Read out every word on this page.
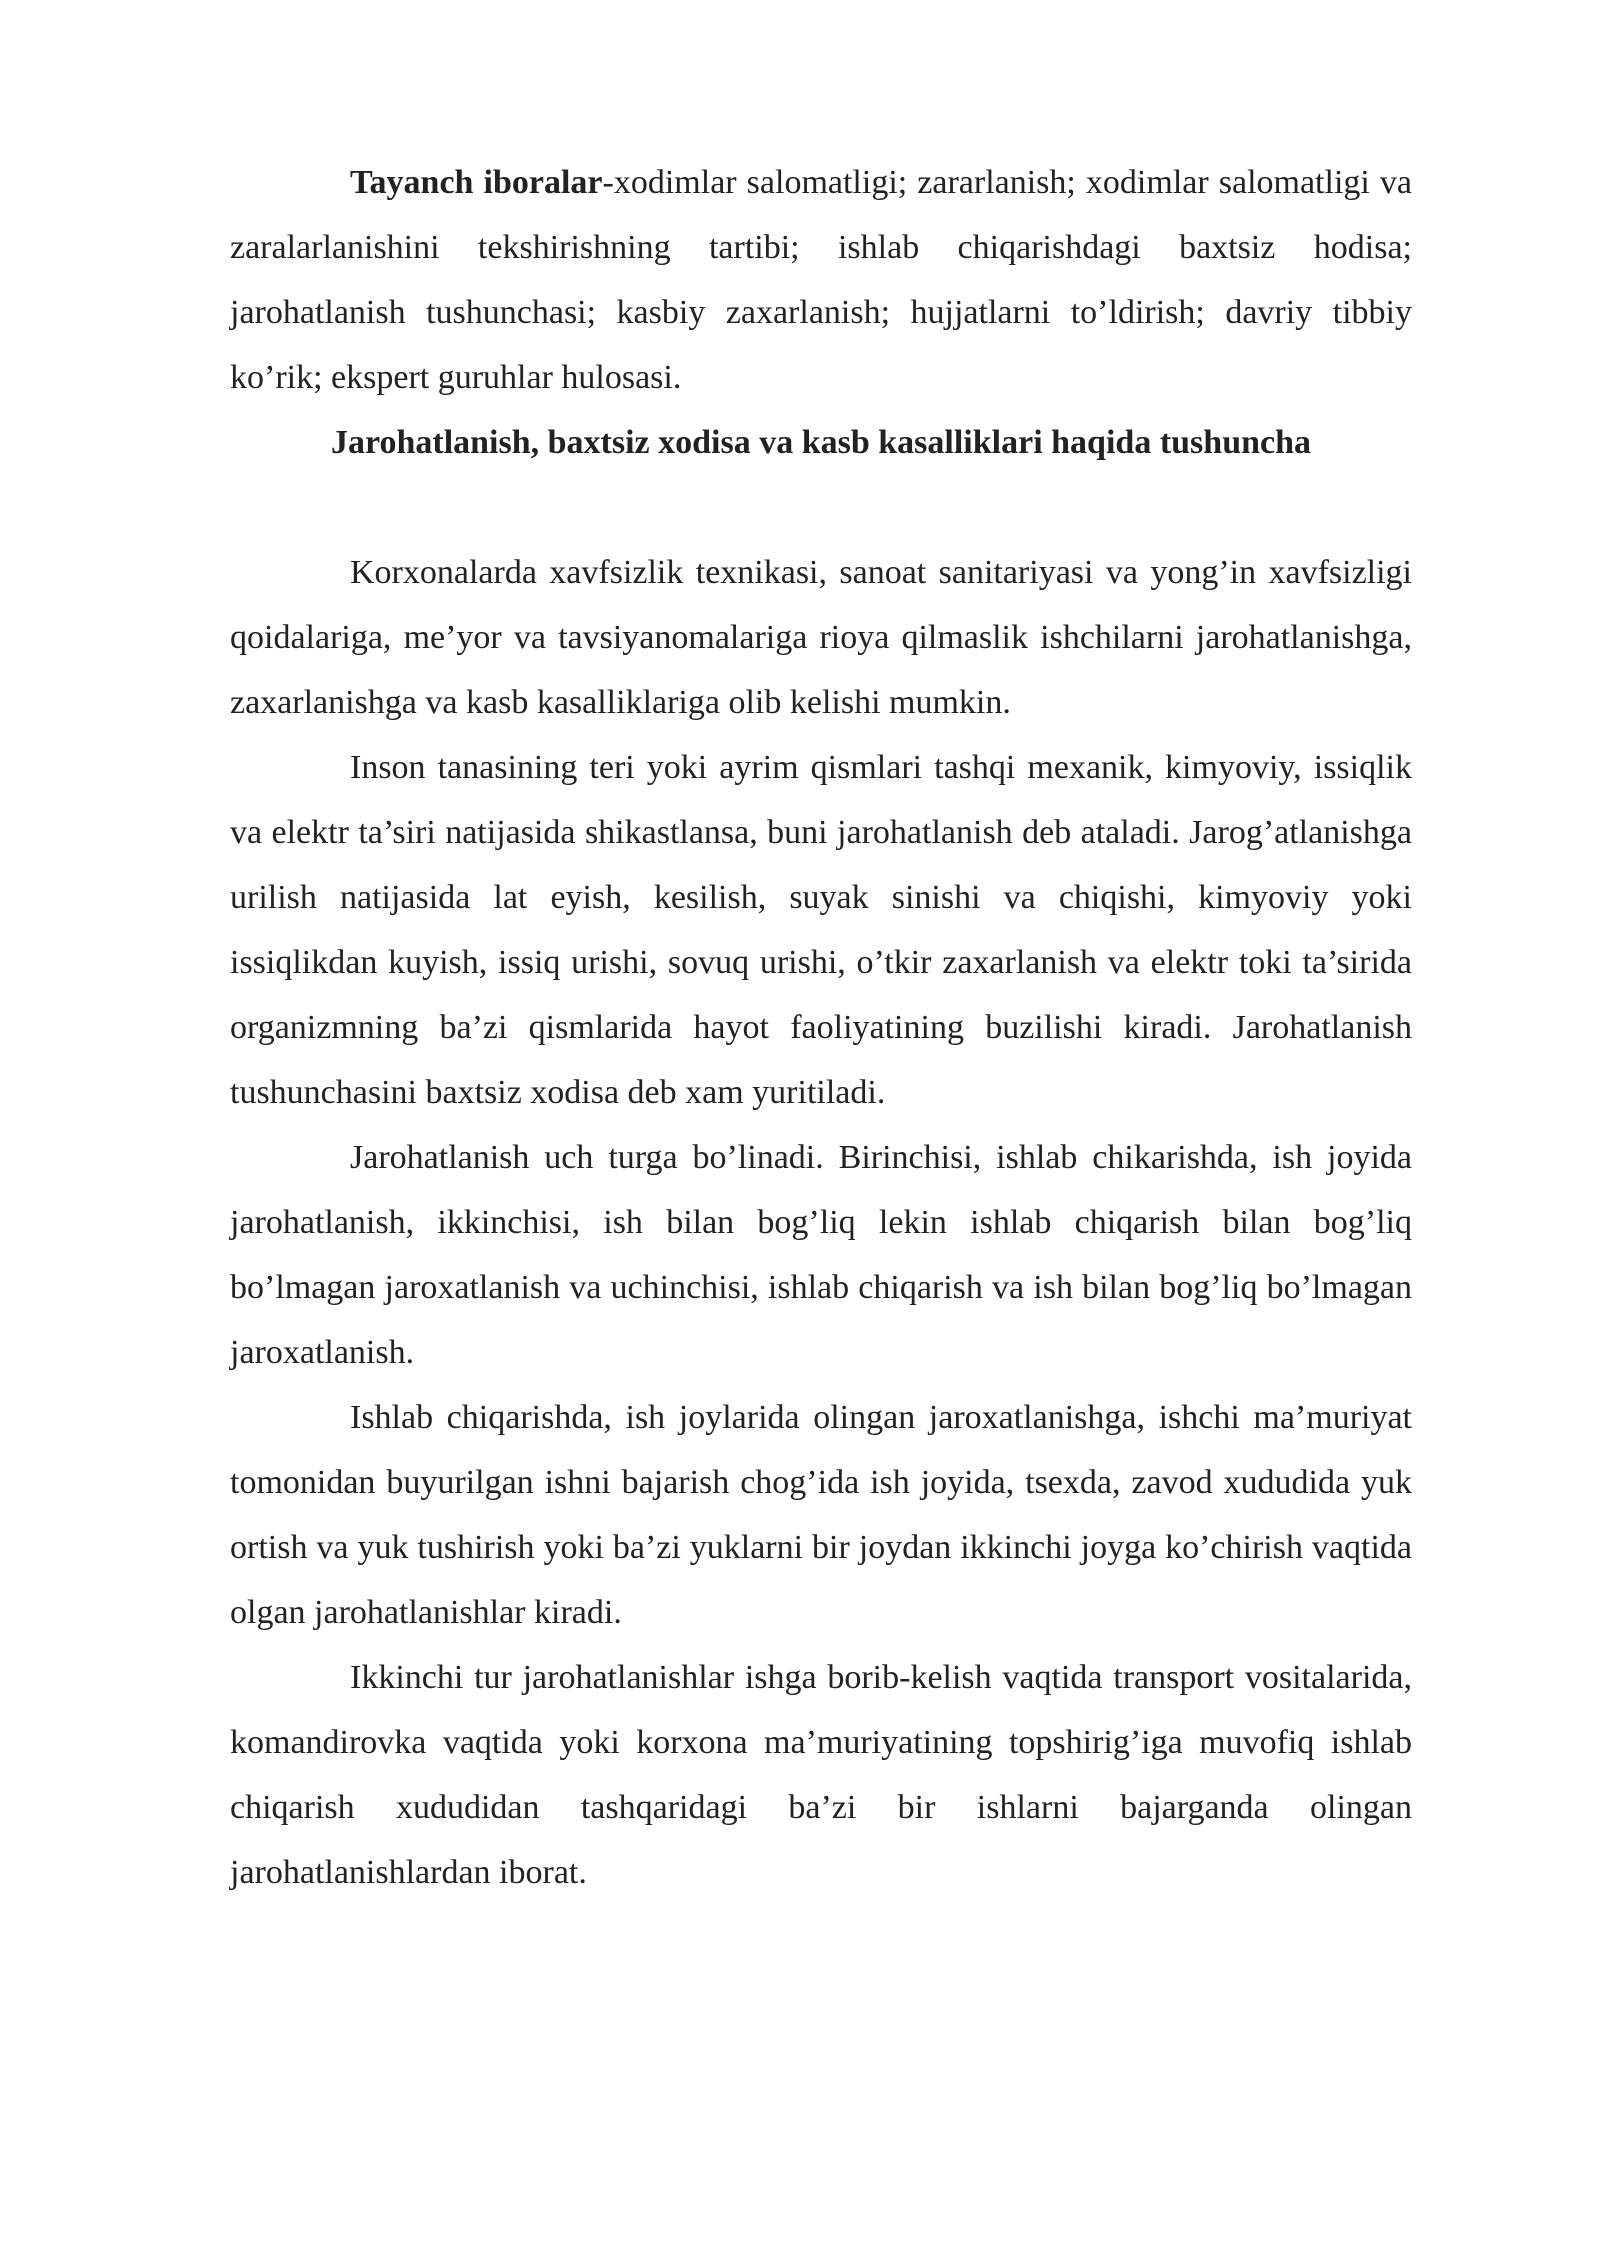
Tayanch iboralar-xodimlar salomatligi; zararlanish; xodimlar salomatligi va zaralarlanishini tekshirishning tartibi; ishlab chiqarishdagi baxtsiz hodisa; jarohatlanish tushunchasi; kasbiy zaxarlanish; hujjatlarni to’ldirish; davriy tibbiy ko’rik; ekspert guruhlar hulosasi.

Jarohatlanish, baxtsiz xodisa va kasb kasalliklari haqida tushuncha

Korxonalarda xavfsizlik texnikasi, sanoat sanitariyasi va yong’in xavfsizligi qoidalariga, me’yor va tavsiyanomalariga rioya qilmaslik ishchilarni jarohatlanishga, zaxarlanishga va kasb kasalliklariga olib kelishi mumkin.

Inson tanasining teri yoki ayrim qismlari tashqi mexanik, kimyoviy, issiqlik va elektr ta’siri natijasida shikastlansa, buni jarohatlanish deb ataladi. Jarog’atlanishga urilish natijasida lat eyish, kesilish, suyak sinishi va chiqishi, kimyoviy yoki issiqlikdan kuyish, issiq urishi, sovuq urishi, o’tkir zaxarlanish va elektr toki ta’sirida organizmning ba’zi qismlarida hayot faoliyatining buzilishi kiradi. Jarohatlanish tushunchasini baxtsiz xodisa deb xam yuritiladi.

Jarohatlanish uch turga bo’linadi. Birinchisi, ishlab chikarishda, ish joyida jarohatlanish, ikkinchisi, ish bilan bog’liq lekin ishlab chiqarish bilan bog’liq bo’lmagan jaroxatlanish va uchinchisi, ishlab chiqarish va ish bilan bog’liq bo’lmagan jaroxatlanish.

Ishlab chiqarishda, ish joylarida olingan jaroxatlanishga, ishchi ma’muriyat tomonidan buyurilgan ishni bajarish chog’ida ish joyida, tsexda, zavod xududida yuk ortish va yuk tushirish yoki ba’zi yuklarni bir joydan ikkinchi joyga ko’chirish vaqtida olgan jarohatlanishlar kiradi.

Ikkinchi tur jarohatlanishlar ishga borib-kelish vaqtida transport vositalarida, komandirovka vaqtida yoki korxona ma’muriyatining topshirig’iga muvofiq ishlab chiqarish xududidan tashqaridagi ba’zi bir ishlarni bajarganda olingan jarohatlanishlardan iborat.
